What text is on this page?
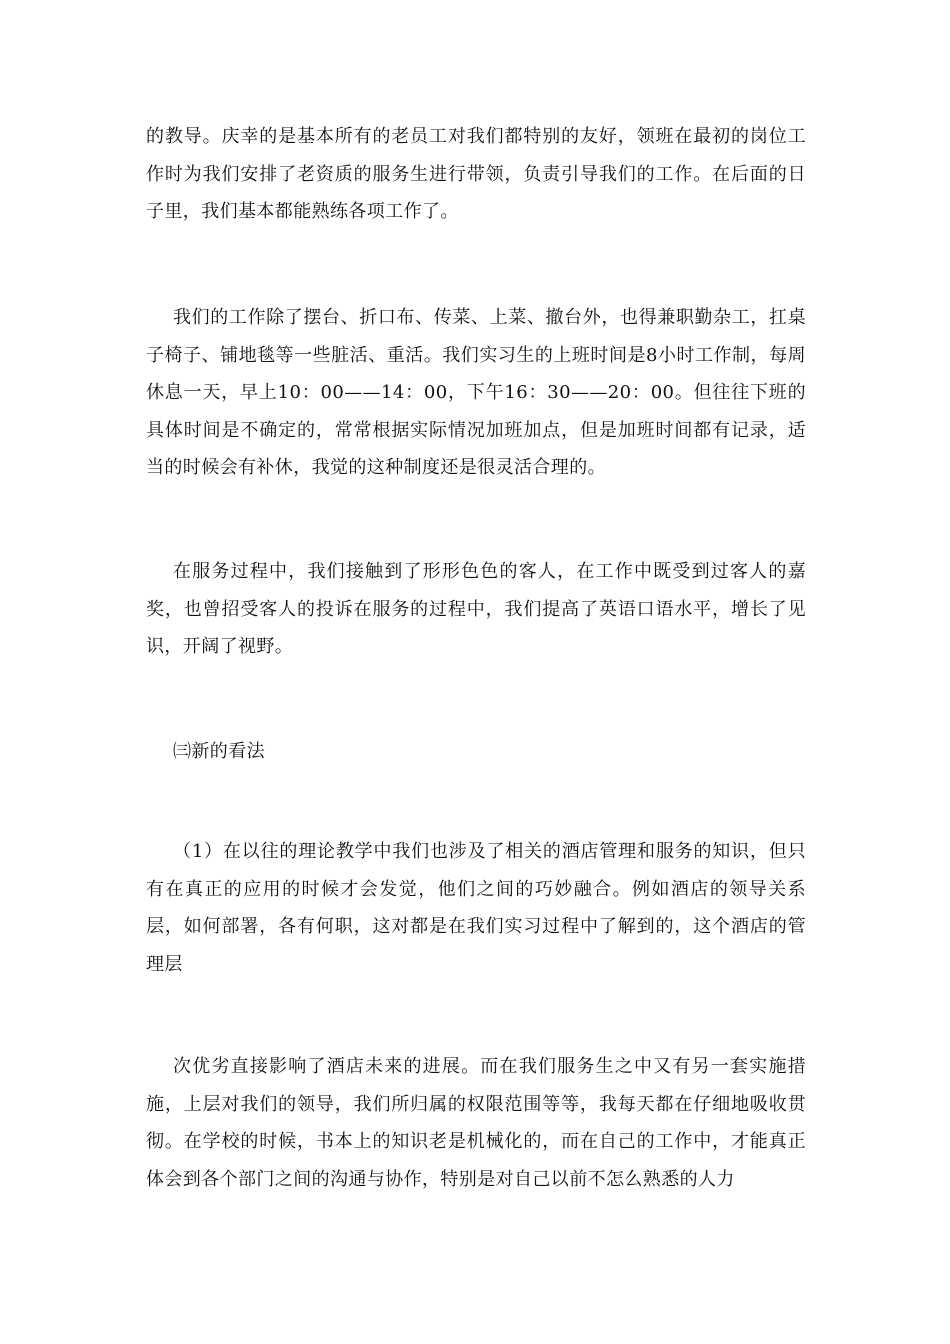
的教导。庆幸的是基本所有的老员工对我们都特别的友好，领班在最初的岗位工作时为我们安排了老资质的服务生进行带领，负责引导我们的工作。在后面的日子里，我们基本都能熟练各项工作了。

我们的工作除了摆台、折口布、传菜、上菜、撤台外，也得兼职勤杂工，扛桌子椅子、铺地毯等一些脏活、重活。我们实习生的上班时间是8小时工作制，每周休息一天，早上10：00——14：00，下午16：30——20：00。但往往下班的具体时间是不确定的，常常根据实际情况加班加点，但是加班时间都有记录，适当的时候会有补休，我觉的这种制度还是很灵活合理的。

在服务过程中，我们接触到了形形色色的客人，在工作中既受到过客人的嘉奖，也曾招受客人的投诉在服务的过程中，我们提高了英语口语水平，增长了见识，开阔了视野。

㈢新的看法

（1）在以往的理论教学中我们也涉及了相关的酒店管理和服务的知识，但只有在真正的应用的时候才会发觉，他们之间的巧妙融合。例如酒店的领导关系层，如何部署，各有何职，这对都是在我们实习过程中了解到的，这个酒店的管理层

次优劣直接影响了酒店未来的进展。而在我们服务生之中又有另一套实施措施，上层对我们的领导，我们所归属的权限范围等等，我每天都在仔细地吸收贯彻。在学校的时候，书本上的知识老是机械化的，而在自己的工作中，才能真正体会到各个部门之间的沟通与协作，特别是对自己以前不怎么熟悉的人力
